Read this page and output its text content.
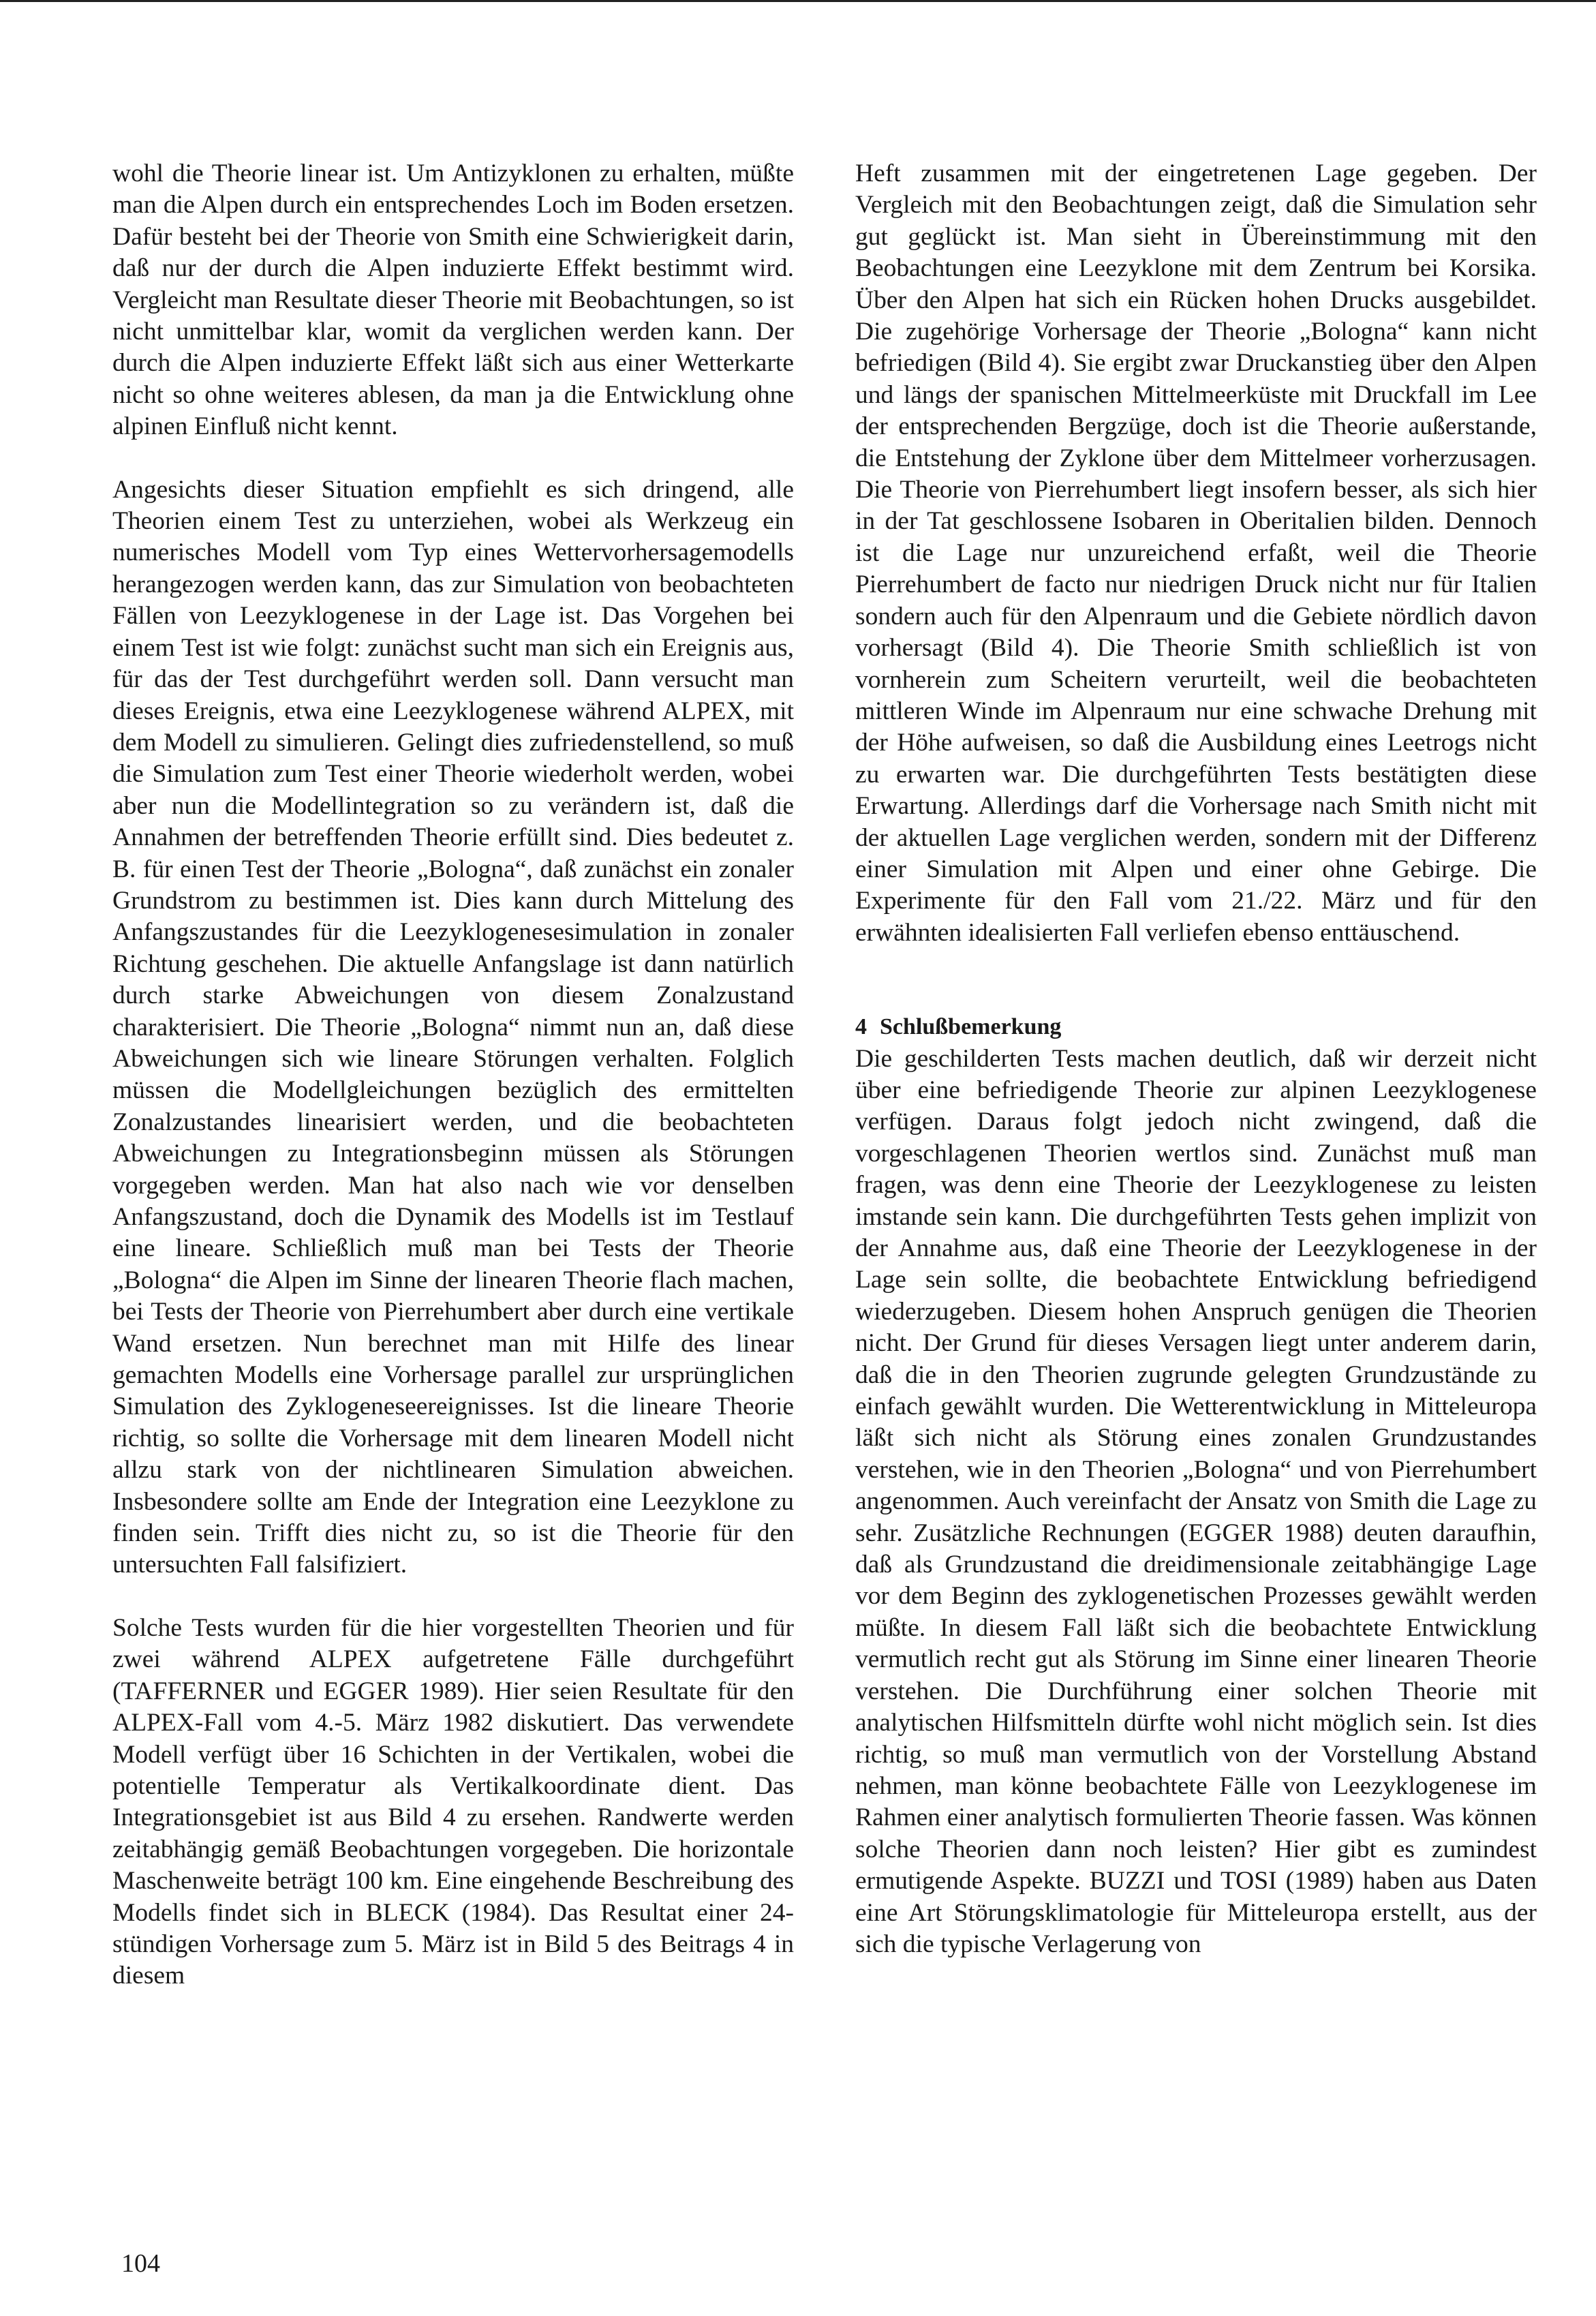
wohl die Theorie linear ist. Um Antizyklonen zu erhalten, müßte man die Alpen durch ein entsprechendes Loch im Boden ersetzen. Dafür besteht bei der Theorie von Smith eine Schwierigkeit darin, daß nur der durch die Alpen induzierte Effekt bestimmt wird. Vergleicht man Resultate dieser Theorie mit Beobachtungen, so ist nicht unmittelbar klar, womit da verglichen werden kann. Der durch die Alpen induzierte Effekt läßt sich aus einer Wetterkarte nicht so ohne weiteres ablesen, da man ja die Entwicklung ohne alpinen Einfluß nicht kennt.

Angesichts dieser Situation empfiehlt es sich dringend, alle Theorien einem Test zu unterziehen, wobei als Werkzeug ein numerisches Modell vom Typ eines Wettervorhersagemodells herangezogen werden kann, das zur Simulation von beobachteten Fällen von Leezyklogenese in der Lage ist. Das Vorgehen bei einem Test ist wie folgt: zunächst sucht man sich ein Ereignis aus, für das der Test durchgeführt werden soll. Dann versucht man dieses Ereignis, etwa eine Leezyklogenese während ALPEX, mit dem Modell zu simulieren. Gelingt dies zufriedenstellend, so muß die Simulation zum Test einer Theorie wiederholt werden, wobei aber nun die Modellintegration so zu verändern ist, daß die Annahmen der betreffenden Theorie erfüllt sind. Dies bedeutet z. B. für einen Test der Theorie „Bologna“, daß zunächst ein zonaler Grundstrom zu bestimmen ist. Dies kann durch Mittelung des Anfangszustandes für die Leezyklogenesesimulation in zonaler Richtung geschehen. Die aktuelle Anfangslage ist dann natürlich durch starke Abweichungen von diesem Zonalzustand charakterisiert. Die Theorie „Bologna“ nimmt nun an, daß diese Abweichungen sich wie lineare Störungen verhalten. Folglich müssen die Modellgleichungen bezüglich des ermittelten Zonalzustandes linearisiert werden, und die beobachteten Abweichungen zu Integrationsbeginn müssen als Störungen vorgegeben werden. Man hat also nach wie vor denselben Anfangszustand, doch die Dynamik des Modells ist im Testlauf eine lineare. Schließlich muß man bei Tests der Theorie „Bologna“ die Alpen im Sinne der linearen Theorie flach machen, bei Tests der Theorie von Pierrehumbert aber durch eine vertikale Wand ersetzen. Nun berechnet man mit Hilfe des linear gemachten Modells eine Vorhersage parallel zur ursprünglichen Simulation des Zyklogeneseereignisses. Ist die lineare Theorie richtig, so sollte die Vorhersage mit dem linearen Modell nicht allzu stark von der nichtlinearen Simulation abweichen. Insbesondere sollte am Ende der Integration eine Leezyklone zu finden sein. Trifft dies nicht zu, so ist die Theorie für den untersuchten Fall falsifiziert.

Solche Tests wurden für die hier vorgestellten Theorien und für zwei während ALPEX aufgetretene Fälle durchgeführt (TAFFERNER und EGGER 1989). Hier seien Resultate für den ALPEX-Fall vom 4.-5. März 1982 diskutiert. Das verwendete Modell verfügt über 16 Schichten in der Vertikalen, wobei die potentielle Temperatur als Vertikalkoordinate dient. Das Integrationsgebiet ist aus Bild 4 zu ersehen. Randwerte werden zeitabhängig gemäß Beobachtungen vorgegeben. Die horizontale Maschenweite beträgt 100 km. Eine eingehende Beschreibung des Modells findet sich in BLECK (1984). Das Resultat einer 24-stündigen Vorhersage zum 5. März ist in Bild 5 des Beitrags 4 in diesem

Heft zusammen mit der eingetretenen Lage gegeben. Der Vergleich mit den Beobachtungen zeigt, daß die Simulation sehr gut geglückt ist. Man sieht in Übereinstimmung mit den Beobachtungen eine Leezyklone mit dem Zentrum bei Korsika. Über den Alpen hat sich ein Rücken hohen Drucks ausgebildet. Die zugehörige Vorhersage der Theorie „Bologna“ kann nicht befriedigen (Bild 4). Sie ergibt zwar Druckanstieg über den Alpen und längs der spanischen Mittelmeerküste mit Druckfall im Lee der entsprechenden Bergzüge, doch ist die Theorie außerstande, die Entstehung der Zyklone über dem Mittelmeer vorherzusagen. Die Theorie von Pierrehumbert liegt insofern besser, als sich hier in der Tat geschlossene Isobaren in Oberitalien bilden. Dennoch ist die Lage nur unzureichend erfaßt, weil die Theorie Pierrehumbert de facto nur niedrigen Druck nicht nur für Italien sondern auch für den Alpenraum und die Gebiete nördlich davon vorhersagt (Bild 4). Die Theorie Smith schließlich ist von vornherein zum Scheitern verurteilt, weil die beobachteten mittleren Winde im Alpenraum nur eine schwache Drehung mit der Höhe aufweisen, so daß die Ausbildung eines Leetrogs nicht zu erwarten war. Die durchgeführten Tests bestätigten diese Erwartung. Allerdings darf die Vorhersage nach Smith nicht mit der aktuellen Lage verglichen werden, sondern mit der Differenz einer Simulation mit Alpen und einer ohne Gebirge. Die Experimente für den Fall vom 21./22. März und für den erwähnten idealisierten Fall verliefen ebenso enttäuschend.

4 Schlußbemerkung

Die geschilderten Tests machen deutlich, daß wir derzeit nicht über eine befriedigende Theorie zur alpinen Leezyklogenese verfügen. Daraus folgt jedoch nicht zwingend, daß die vorgeschlagenen Theorien wertlos sind. Zunächst muß man fragen, was denn eine Theorie der Leezyklogenese zu leisten imstande sein kann. Die durchgeführten Tests gehen implizit von der Annahme aus, daß eine Theorie der Leezyklogenese in der Lage sein sollte, die beobachtete Entwicklung befriedigend wiederzugeben. Diesem hohen Anspruch genügen die Theorien nicht. Der Grund für dieses Versagen liegt unter anderem darin, daß die in den Theorien zugrunde gelegten Grundzustände zu einfach gewählt wurden. Die Wetterentwicklung in Mitteleuropa läßt sich nicht als Störung eines zonalen Grundzustandes verstehen, wie in den Theorien „Bologna“ und von Pierrehumbert angenommen. Auch vereinfacht der Ansatz von Smith die Lage zu sehr. Zusätzliche Rechnungen (EGGER 1988) deuten daraufhin, daß als Grundzustand die dreidimensionale zeitabhängige Lage vor dem Beginn des zyklogenetischen Prozesses gewählt werden müßte. In diesem Fall läßt sich die beobachtete Entwicklung vermutlich recht gut als Störung im Sinne einer linearen Theorie verstehen. Die Durchführung einer solchen Theorie mit analytischen Hilfsmitteln dürfte wohl nicht möglich sein. Ist dies richtig, so muß man vermutlich von der Vorstellung Abstand nehmen, man könne beobachtete Fälle von Leezyklogenese im Rahmen einer analytisch formulierten Theorie fassen. Was können solche Theorien dann noch leisten? Hier gibt es zumindest ermutigende Aspekte. BUZZI und TOSI (1989) haben aus Daten eine Art Störungsklimatologie für Mitteleuropa erstellt, aus der sich die typische Verlagerung von

104
